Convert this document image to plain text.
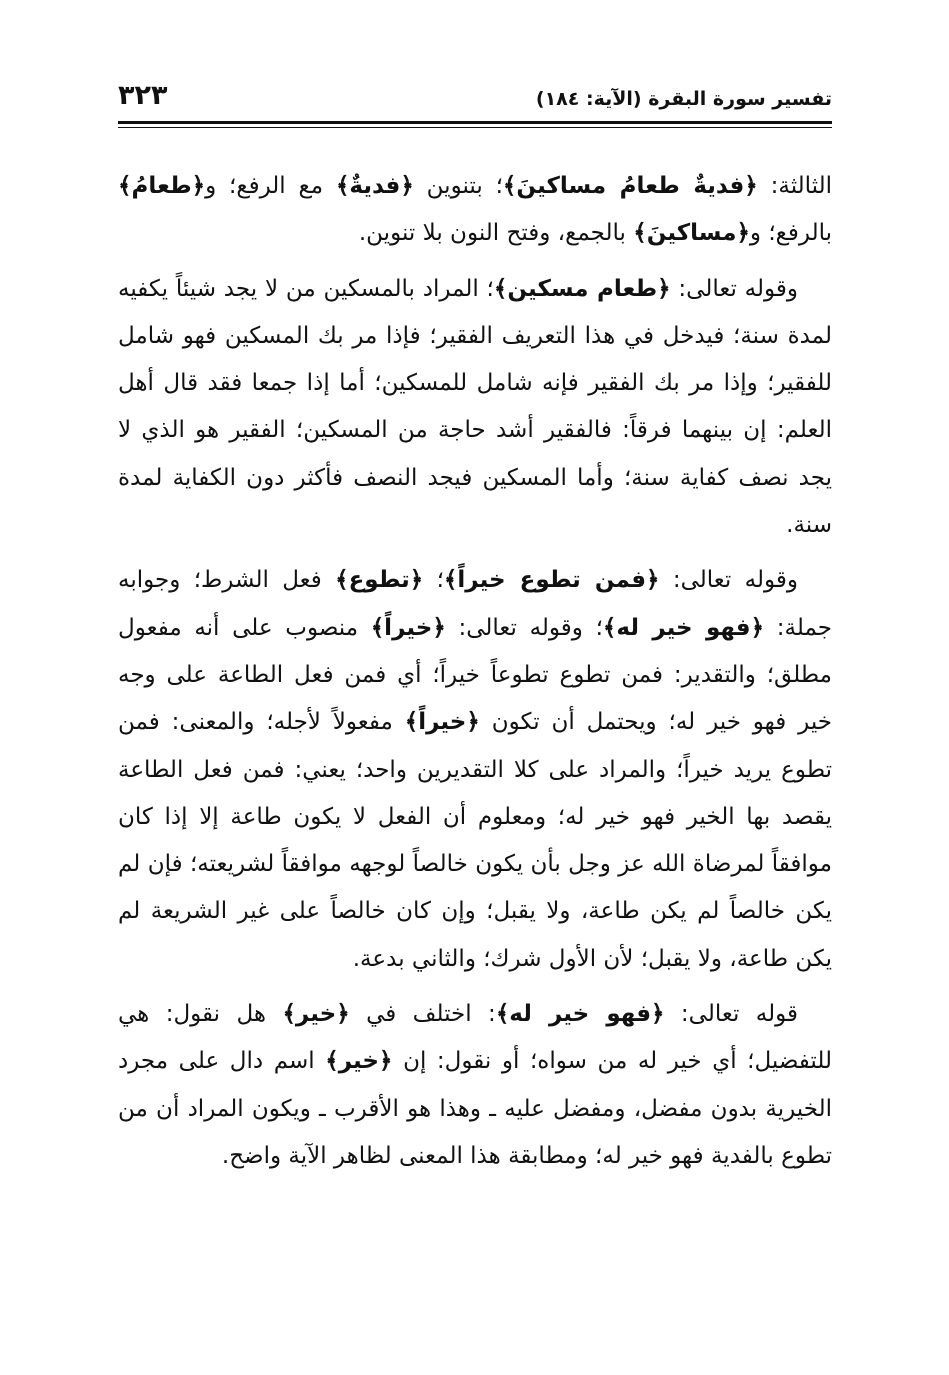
تفسير سورة البقرة (الآية: ١٨٤)
٣٢٣

الثالثة: ﴿فديةٌ طعامُ مساكينَ﴾؛ بتنوين ﴿فديةٌ﴾ مع الرفع؛ و﴿طعامُ﴾ بالرفع؛ و﴿مساكينَ﴾ بالجمع، وفتح النون بلا تنوين.

وقوله تعالى: ﴿طعام مسكين﴾؛ المراد بالمسكين من لا يجد شيئاً يكفيه لمدة سنة؛ فيدخل في هذا التعريف الفقير؛ فإذا مر بك المسكين فهو شامل للفقير؛ وإذا مر بك الفقير فإنه شامل للمسكين؛ أما إذا جمعا فقد قال أهل العلم: إن بينهما فرقاً: فالفقير أشد حاجة من المسكين؛ الفقير هو الذي لا يجد نصف كفاية سنة؛ وأما المسكين فيجد النصف فأكثر دون الكفاية لمدة سنة.

وقوله تعالى: ﴿فمن تطوع خيراً﴾؛ ﴿تطوع﴾ فعل الشرط؛ وجوابه جملة: ﴿فهو خير له﴾؛ وقوله تعالى: ﴿خيراً﴾ منصوب على أنه مفعول مطلق؛ والتقدير: فمن تطوع تطوعاً خيراً؛ أي فمن فعل الطاعة على وجه خير فهو خير له؛ ويحتمل أن تكون ﴿خيراً﴾ مفعولاً لأجله؛ والمعنى: فمن تطوع يريد خيراً؛ والمراد على كلا التقديرين واحد؛ يعني: فمن فعل الطاعة يقصد بها الخير فهو خير له؛ ومعلوم أن الفعل لا يكون طاعة إلا إذا كان موافقاً لمرضاة الله عز وجل بأن يكون خالصاً لوجهه موافقاً لشريعته؛ فإن لم يكن خالصاً لم يكن طاعة، ولا يقبل؛ وإن كان خالصاً على غير الشريعة لم يكن طاعة، ولا يقبل؛ لأن الأول شرك؛ والثاني بدعة.

قوله تعالى: ﴿فهو خير له﴾: اختلف في ﴿خير﴾ هل نقول: هي للتفضيل؛ أي خير له من سواه؛ أو نقول: إن ﴿خير﴾ اسم دال على مجرد الخيرية بدون مفضل، ومفضل عليه ـ وهذا هو الأقرب ـ ويكون المراد أن من تطوع بالفدية فهو خير له؛ ومطابقة هذا المعنى لظاهر الآية واضح.
